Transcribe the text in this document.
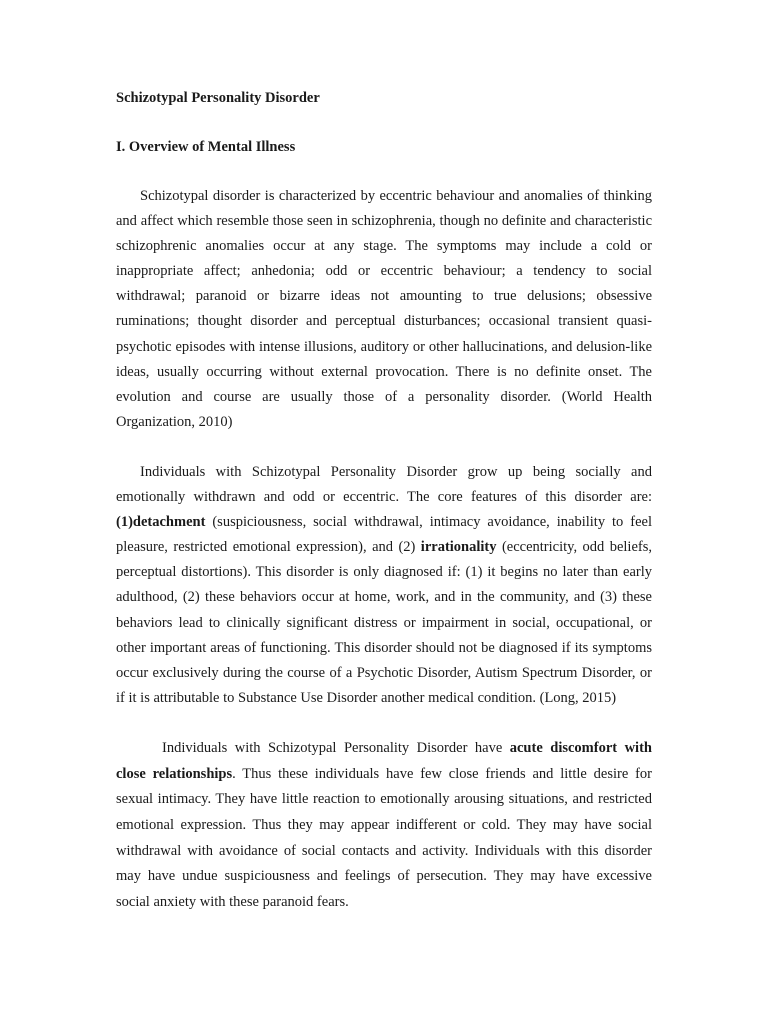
Schizotypal Personality Disorder

I. Overview of Mental Illness

Schizotypal disorder is characterized by eccentric behaviour and anomalies of thinking and affect which resemble those seen in schizophrenia, though no definite and characteristic schizophrenic anomalies occur at any stage. The symptoms may include a cold or inappropriate affect; anhedonia; odd or eccentric behaviour; a tendency to social withdrawal; paranoid or bizarre ideas not amounting to true delusions; obsessive ruminations; thought disorder and perceptual disturbances; occasional transient quasi-psychotic episodes with intense illusions, auditory or other hallucinations, and delusion-like ideas, usually occurring without external provocation. There is no definite onset. The evolution and course are usually those of a personality disorder. (World Health Organization, 2010)

Individuals with Schizotypal Personality Disorder grow up being socially and emotionally withdrawn and odd or eccentric. The core features of this disorder are: (1)detachment (suspiciousness, social withdrawal, intimacy avoidance, inability to feel pleasure, restricted emotional expression), and (2) irrationality (eccentricity, odd beliefs, perceptual distortions). This disorder is only diagnosed if: (1) it begins no later than early adulthood, (2) these behaviors occur at home, work, and in the community, and (3) these behaviors lead to clinically significant distress or impairment in social, occupational, or other important areas of functioning. This disorder should not be diagnosed if its symptoms occur exclusively during the course of a Psychotic Disorder, Autism Spectrum Disorder, or if it is attributable to Substance Use Disorder another medical condition. (Long, 2015)

Individuals with Schizotypal Personality Disorder have acute discomfort with close relationships. Thus these individuals have few close friends and little desire for sexual intimacy. They have little reaction to emotionally arousing situations, and restricted emotional expression. Thus they may appear indifferent or cold. They may have social withdrawal with avoidance of social contacts and activity. Individuals with this disorder may have undue suspiciousness and feelings of persecution. They may have excessive social anxiety with these paranoid fears.
